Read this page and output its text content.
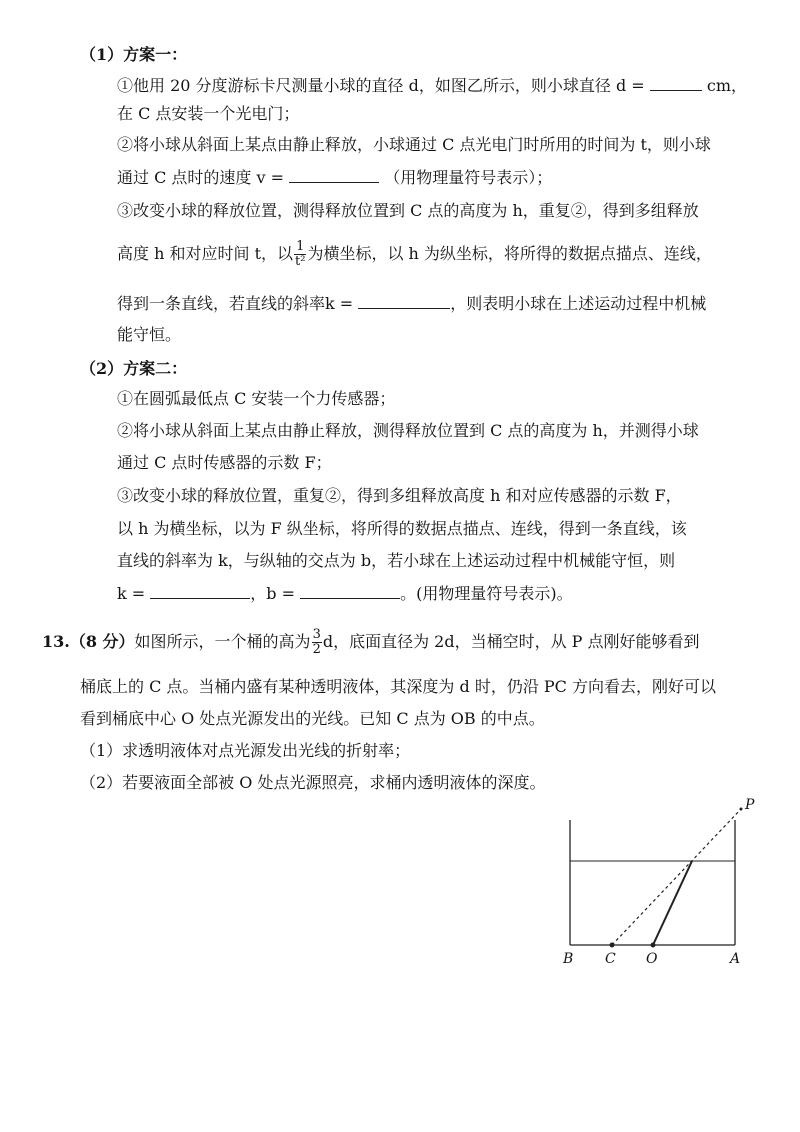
（1）方案一：
①他用 20 分度游标卡尺测量小球的直径 d，如图乙所示，则小球直径 d =	cm，
在 C 点安装一个光电门；
②将小球从斜面上某点由静止释放，小球通过 C 点光电门时所用的时间为 t，则小球
通过 C 点时的速度 v =	（用物理量符号表示）；
③改变小球的释放位置，测得释放位置到 C 点的高度为 h，重复②，得到多组释放
高度 h 和对应时间 t，以 $\frac{1}{\text{t²}}$ 为横坐标，以 h 为纵坐标，将所得的数据点描点、连线，
得到一条直线，若直线的斜率k =	，则表明小球在上述运动过程中机械
能守恒。
（2）方案二：
①在圆弧最低点 C 安装一个力传感器；
②将小球从斜面上某点由静止释放，测得释放位置到 C 点的高度为 h，并测得小球
通过 C 点时传感器的示数 F；
③改变小球的释放位置，重复②，得到多组释放高度 h 和对应传感器的示数 F，
以 h 为横坐标，以为 F 纵坐标，将所得的数据点描点、连线，得到一条直线，该
直线的斜率为 k，与纵轴的交点为 b，若小球在上述运动过程中机械能守恒，则
k =	，b =	。(用物理量符号表示)。
13.（8 分）如图所示，一个桶的高为 $\frac{3}{2}$ d，底面直径为 2d，当桶空时，从 P 点刚好能够看到
桶底上的 C 点。当桶内盛有某种透明液体，其深度为 d 时，仍沿 PC 方向看去，刚好可以
看到桶底中心 O 处点光源发出的光线。已知 C 点为 OB 的中点。
（1）求透明液体对点光源发出光线的折射率；
（2）若要液面全部被 O 处点光源照亮，求桶内透明液体的深度。
P
B C O	A
